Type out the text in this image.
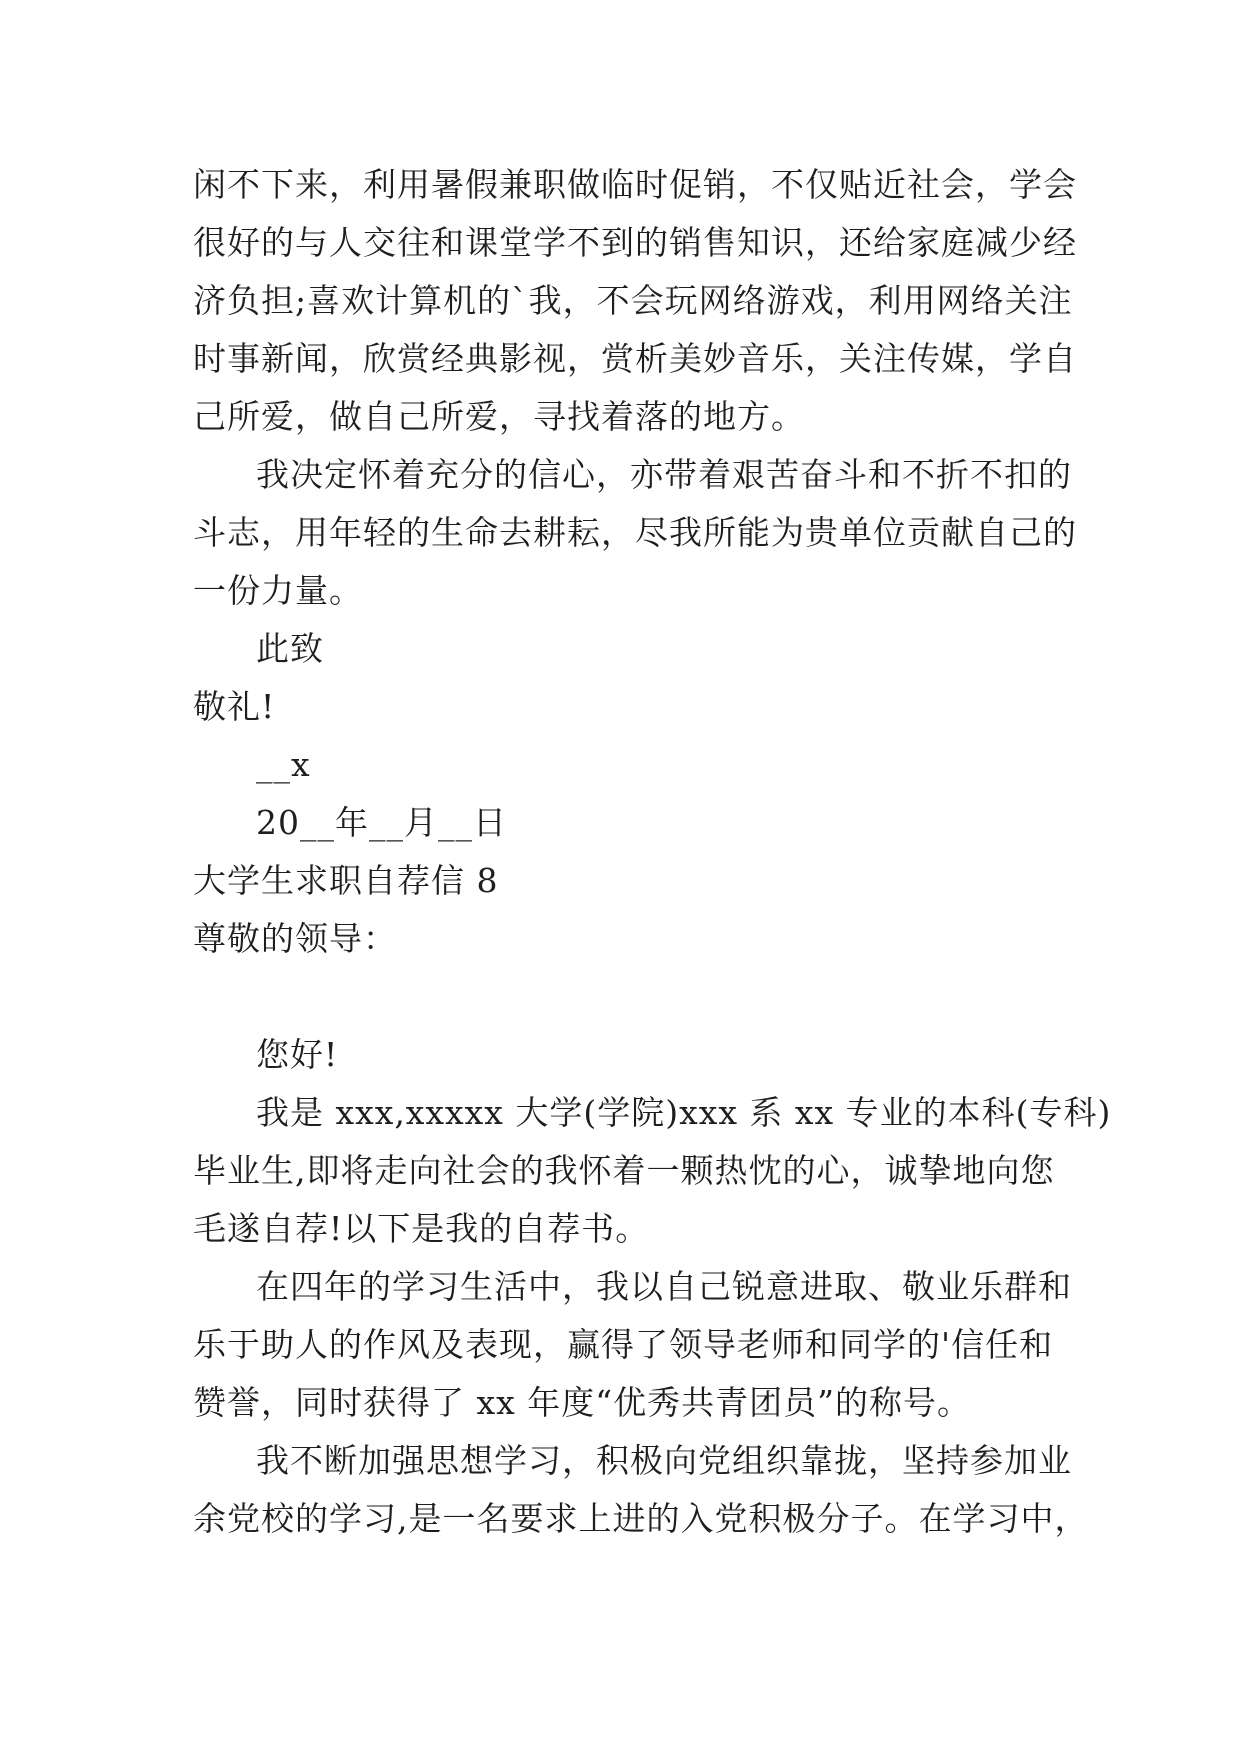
闲不下来，利用暑假兼职做临时促销，不仅贴近社会，学会
很好的与人交往和课堂学不到的销售知识，还给家庭减少经
济负担;喜欢计算机的`我，不会玩网络游戏，利用网络关注
时事新闻，欣赏经典影视，赏析美妙音乐，关注传媒，学自
己所爱，做自己所爱，寻找着落的地方。
我决定怀着充分的信心，亦带着艰苦奋斗和不折不扣的
斗志，用年轻的生命去耕耘，尽我所能为贵单位贡献自己的
一份力量。
此致
敬礼!
__x
20__年__月__日
大学生求职自荐信 8
尊敬的领导：
您好!
我是 xxx,xxxxx 大学(学院)xxx 系 xx 专业的本科(专科)
毕业生,即将走向社会的我怀着一颗热忱的心，诚挚地向您
毛遂自荐!以下是我的自荐书。
在四年的学习生活中，我以自己锐意进取、敬业乐群和
乐于助人的作风及表现，赢得了领导老师和同学的'信任和
赞誉，同时获得了 xx 年度“优秀共青团员”的称号。
我不断加强思想学习，积极向党组织靠拢，坚持参加业
余党校的学习,是一名要求上进的入党积极分子。在学习中，
